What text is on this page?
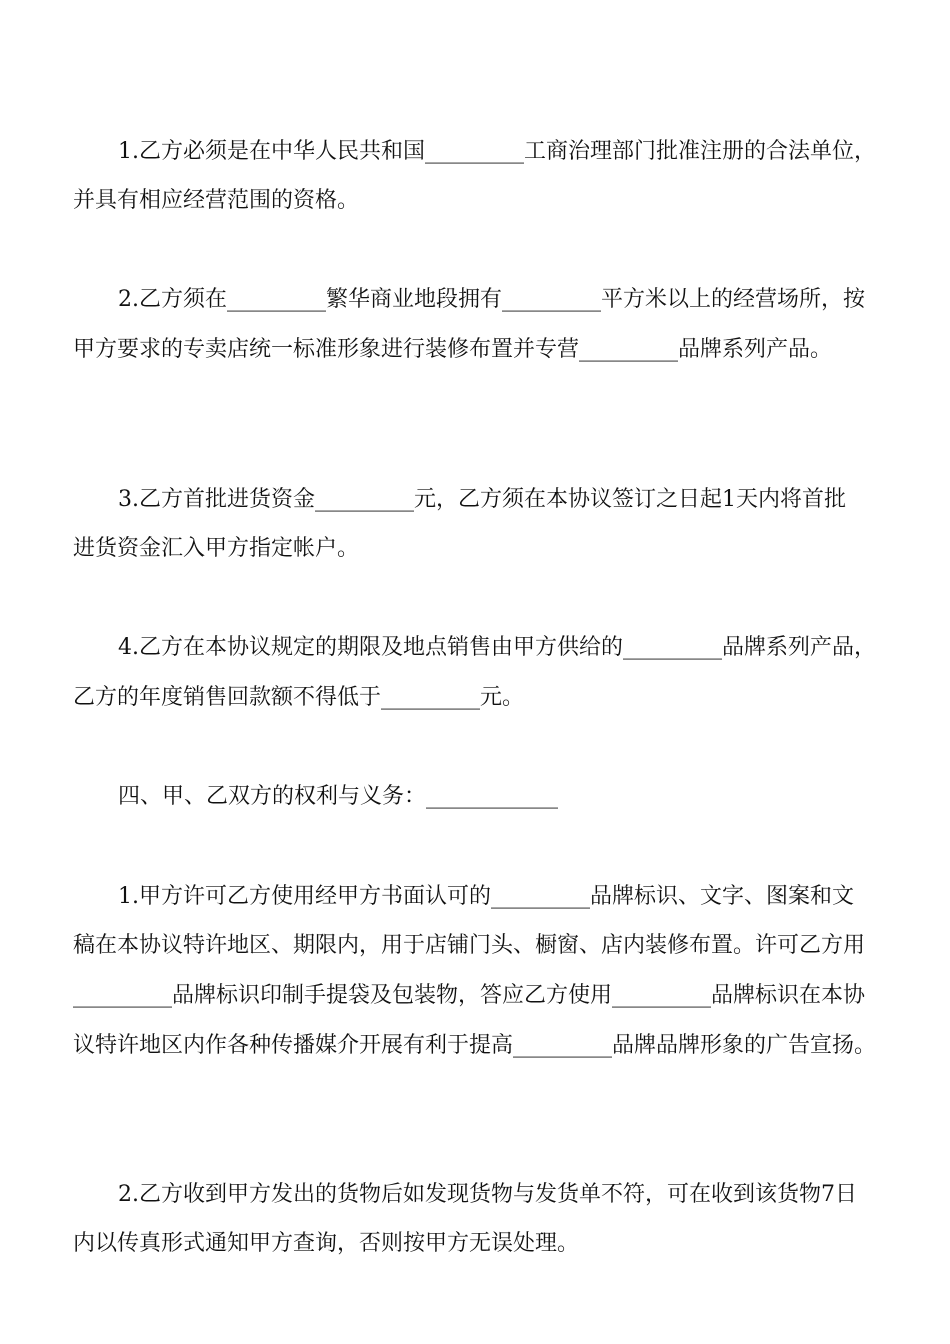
1.乙方必须是在中华人民共和国_________工商治理部门批准注册的合法单位，
并具有相应经营范围的资格。
2.乙方须在_________繁华商业地段拥有_________平方米以上的经营场所，按
甲方要求的专卖店统一标准形象进行装修布置并专营_________品牌系列产品。
3.乙方首批进货资金_________元，乙方须在本协议签订之日起1天内将首批
进货资金汇入甲方指定帐户。
4.乙方在本协议规定的期限及地点销售由甲方供给的_________品牌系列产品，
乙方的年度销售回款额不得低于_________元。
四、甲、乙双方的权利与义务：____________
1.甲方许可乙方使用经甲方书面认可的_________品牌标识、文字、图案和文
稿在本协议特许地区、期限内，用于店铺门头、橱窗、店内装修布置。许可乙方用
_________品牌标识印制手提袋及包装物，答应乙方使用_________品牌标识在本协
议特许地区内作各种传播媒介开展有利于提高_________品牌品牌形象的广告宣扬。
2.乙方收到甲方发出的货物后如发现货物与发货单不符，可在收到该货物7日
内以传真形式通知甲方查询，否则按甲方无误处理。
